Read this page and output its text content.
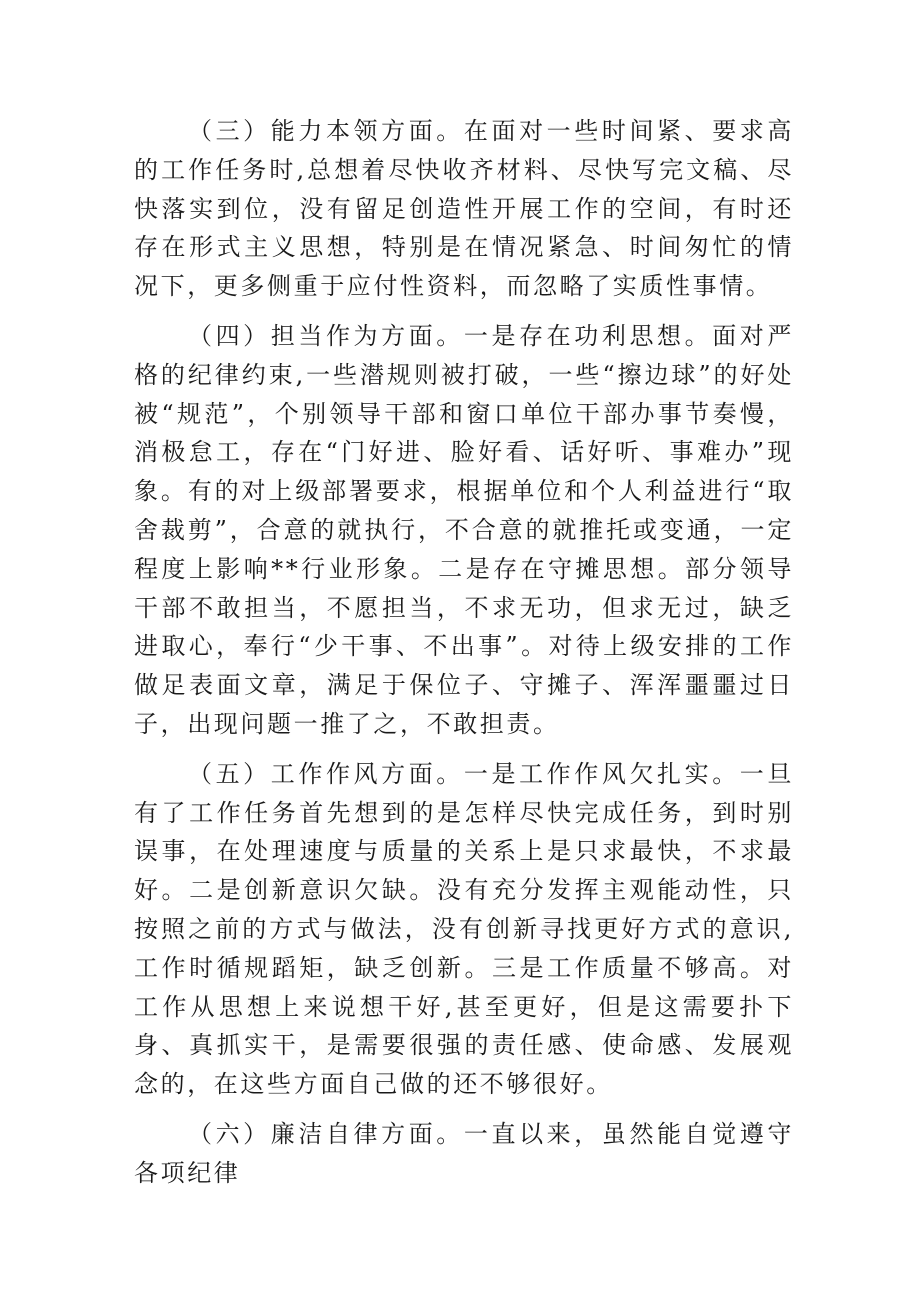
（三）能力本领方面。在面对一些时间紧、要求高的工作任务时,总想着尽快收齐材料、尽快写完文稿、尽快落实到位，没有留足创造性开展工作的空间，有时还存在形式主义思想，特别是在情况紧急、时间匆忙的情况下，更多侧重于应付性资料，而忽略了实质性事情。

（四）担当作为方面。一是存在功利思想。面对严格的纪律约束,一些潜规则被打破，一些“擦边球”的好处被“规范”，个别领导干部和窗口单位干部办事节奏慢，消极怠工，存在“门好进、脸好看、话好听、事难办”现象。有的对上级部署要求，根据单位和个人利益进行“取舍裁剪”，合意的就执行，不合意的就推托或变通，一定程度上影响**行业形象。二是存在守摊思想。部分领导干部不敢担当，不愿担当，不求无功，但求无过，缺乏进取心，奉行“少干事、不出事”。对待上级安排的工作做足表面文章，满足于保位子、守摊子、浑浑噩噩过日子，出现问题一推了之，不敢担责。

（五）工作作风方面。一是工作作风欠扎实。一旦有了工作任务首先想到的是怎样尽快完成任务，到时别误事，在处理速度与质量的关系上是只求最快，不求最好。二是创新意识欠缺。没有充分发挥主观能动性，只按照之前的方式与做法，没有创新寻找更好方式的意识,工作时循规蹈矩，缺乏创新。三是工作质量不够高。对工作从思想上来说想干好,甚至更好，但是这需要扑下身、真抓实干，是需要很强的责任感、使命感、发展观念的，在这些方面自己做的还不够很好。

（六）廉洁自律方面。一直以来，虽然能自觉遵守各项纪律
